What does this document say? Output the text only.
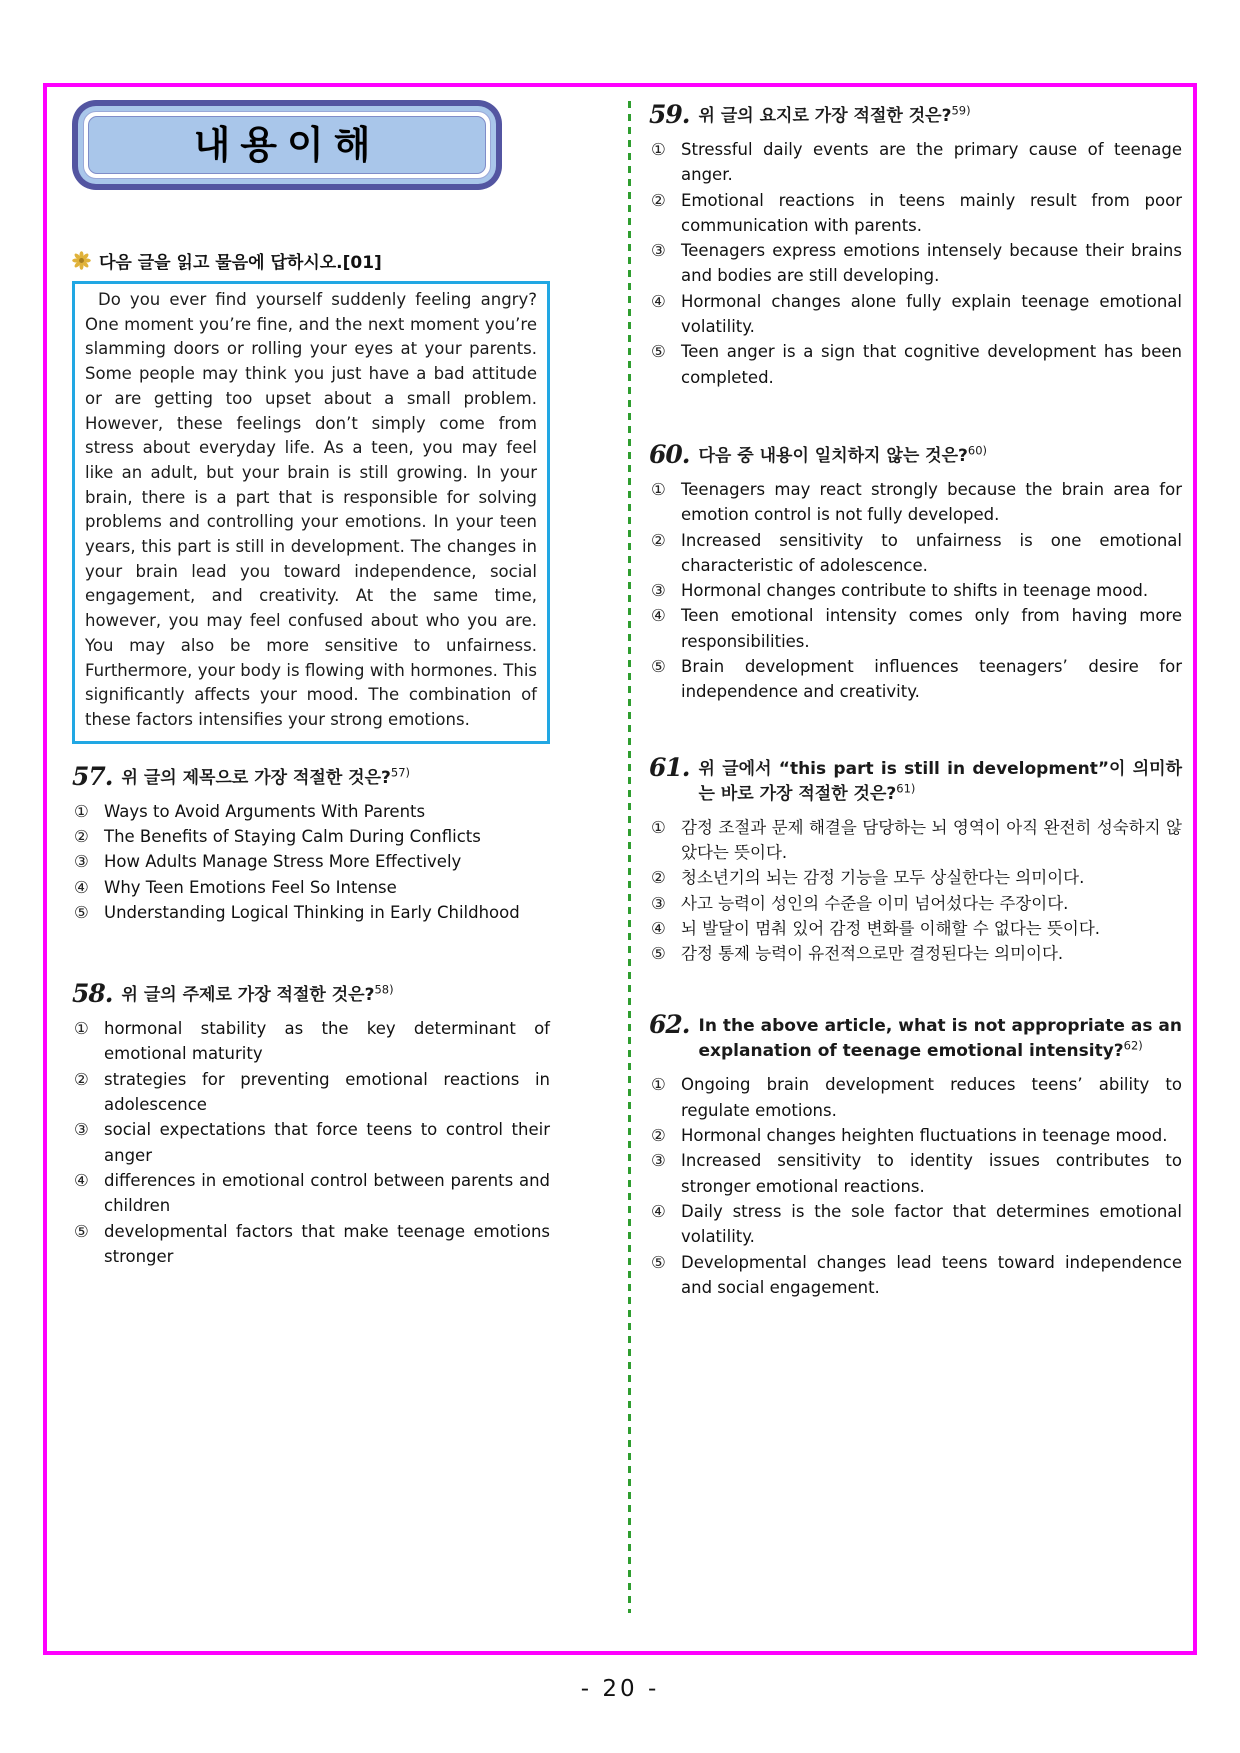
내용이해
다음 글을 읽고 물음에 답하시오.[01]

Do you ever find yourself suddenly feeling angry? One moment you’re fine, and the next moment you’re slamming doors or rolling your eyes at your parents. Some people may think you just have a bad attitude or are getting too upset about a small problem. However, these feelings don’t simply come from stress about everyday life. As a teen, you may feel like an adult, but your brain is still growing. In your brain, there is a part that is responsible for solving problems and controlling your emotions. In your teen years, this part is still in development. The changes in your brain lead you toward independence, social engagement, and creativity. At the same time, however, you may feel confused about who you are. You may also be more sensitive to unfairness. Furthermore, your body is flowing with hormones. This significantly affects your mood. The combination of these factors intensifies your strong emotions.

57. 위 글의 제목으로 가장 적절한 것은?$^{57)}$
① Ways to Avoid Arguments With Parents
② The Benefits of Staying Calm During Conflicts
③ How Adults Manage Stress More Effectively
④ Why Teen Emotions Feel So Intense
⑤ Understanding Logical Thinking in Early Childhood
58. 위 글의 주제로 가장 적절한 것은?$^{58)}$
① hormonal stability as the key determinant of emotional maturity
② strategies for preventing emotional reactions in adolescence
③ social expectations that force teens to control their anger
④ differences in emotional control between parents and children
⑤ developmental factors that make teenage emotions stronger
59. 위 글의 요지로 가장 적절한 것은?$^{59)}$
① Stressful daily events are the primary cause of teenage anger.
② Emotional reactions in teens mainly result from poor communication with parents.
③ Teenagers express emotions intensely because their brains and bodies are still developing.
④ Hormonal changes alone fully explain teenage emotional volatility.
⑤ Teen anger is a sign that cognitive development has been completed.
60. 다음 중 내용이 일치하지 않는 것은?$^{60)}$
① Teenagers may react strongly because the brain area for emotion control is not fully developed.
② Increased sensitivity to unfairness is one emotional characteristic of adolescence.
③ Hormonal changes contribute to shifts in teenage mood.
④ Teen emotional intensity comes only from having more responsibilities.
⑤ Brain development influences teenagers’ desire for independence and creativity.
61. 위 글에서 “this part is still in development”이 의미하는 바로 가장 적절한 것은?$^{61)}$
① 감정 조절과 문제 해결을 담당하는 뇌 영역이 아직 완전히 성숙하지 않았다는 뜻이다.
② 청소년기의 뇌는 감정 기능을 모두 상실한다는 의미이다.
③ 사고 능력이 성인의 수준을 이미 넘어섰다는 주장이다.
④ 뇌 발달이 멈춰 있어 감정 변화를 이해할 수 없다는 뜻이다.
⑤ 감정 통제 능력이 유전적으로만 결정된다는 의미이다.
62. In the above article, what is not appropriate as an explanation of teenage emotional intensity?$^{62)}$
① Ongoing brain development reduces teens’ ability to regulate emotions.
② Hormonal changes heighten fluctuations in teenage mood.
③ Increased sensitivity to identity issues contributes to stronger emotional reactions.
④ Daily stress is the sole factor that determines emotional volatility.
⑤ Developmental changes lead teens toward independence and social engagement.
- 20 -
